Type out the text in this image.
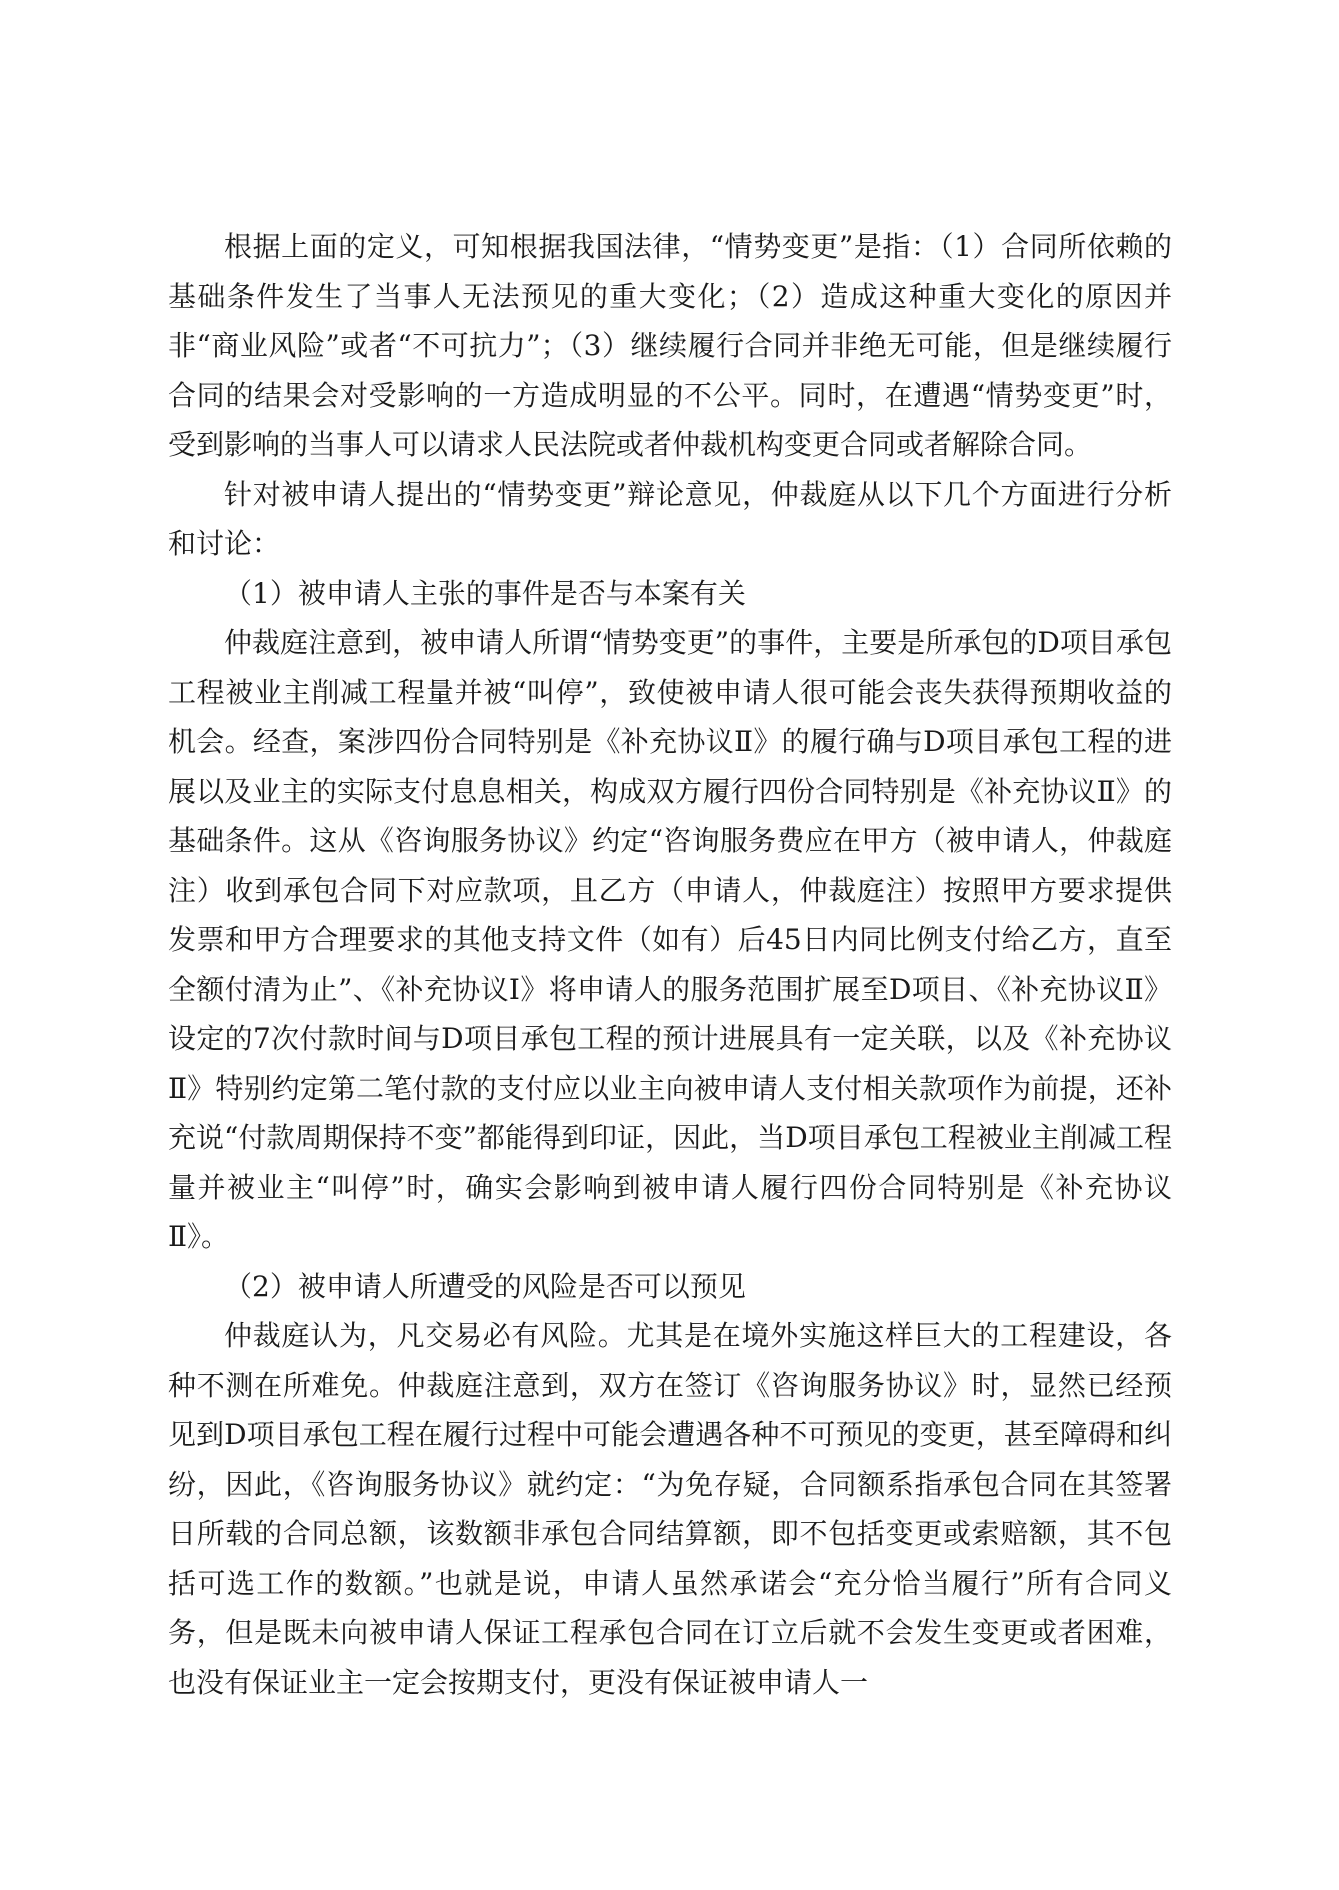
根据上面的定义，可知根据我国法律，“情势变更”是指：（1）合同所依赖的基础条件发生了当事人无法预见的重大变化；（2）造成这种重大变化的原因并非“商业风险”或者“不可抗力”；（3）继续履行合同并非绝无可能，但是继续履行合同的结果会对受影响的一方造成明显的不公平。同时，在遭遇“情势变更”时，受到影响的当事人可以请求人民法院或者仲裁机构变更合同或者解除合同。

针对被申请人提出的“情势变更”辩论意见，仲裁庭从以下几个方面进行分析和讨论：

（1）被申请人主张的事件是否与本案有关

仲裁庭注意到，被申请人所谓“情势变更”的事件，主要是所承包的D项目承包工程被业主削减工程量并被“叫停”，致使被申请人很可能会丧失获得预期收益的机会。经查，案涉四份合同特别是《补充协议Ⅱ》的履行确与D项目承包工程的进展以及业主的实际支付息息相关，构成双方履行四份合同特别是《补充协议Ⅱ》的基础条件。这从《咨询服务协议》约定“咨询服务费应在甲方（被申请人，仲裁庭注）收到承包合同下对应款项，且乙方（申请人，仲裁庭注）按照甲方要求提供发票和甲方合理要求的其他支持文件（如有）后45日内同比例支付给乙方，直至全额付清为止”、《补充协议I》将申请人的服务范围扩展至D项目、《补充协议Ⅱ》设定的7次付款时间与D项目承包工程的预计进展具有一定关联，以及《补充协议Ⅱ》特别约定第二笔付款的支付应以业主向被申请人支付相关款项作为前提，还补充说“付款周期保持不变”都能得到印证，因此，当D项目承包工程被业主削减工程量并被业主“叫停”时，确实会影响到被申请人履行四份合同特别是《补充协议Ⅱ》。

（2）被申请人所遭受的风险是否可以预见

仲裁庭认为，凡交易必有风险。尤其是在境外实施这样巨大的工程建设，各种不测在所难免。仲裁庭注意到，双方在签订《咨询服务协议》时，显然已经预见到D项目承包工程在履行过程中可能会遭遇各种不可预见的变更，甚至障碍和纠纷，因此，《咨询服务协议》就约定：“为免存疑，合同额系指承包合同在其签署日所载的合同总额，该数额非承包合同结算额，即不包括变更或索赔额，其不包括可选工作的数额。”也就是说，申请人虽然承诺会“充分恰当履行”所有合同义务，但是既未向被申请人保证工程承包合同在订立后就不会发生变更或者困难，也没有保证业主一定会按期支付，更没有保证被申请人一
